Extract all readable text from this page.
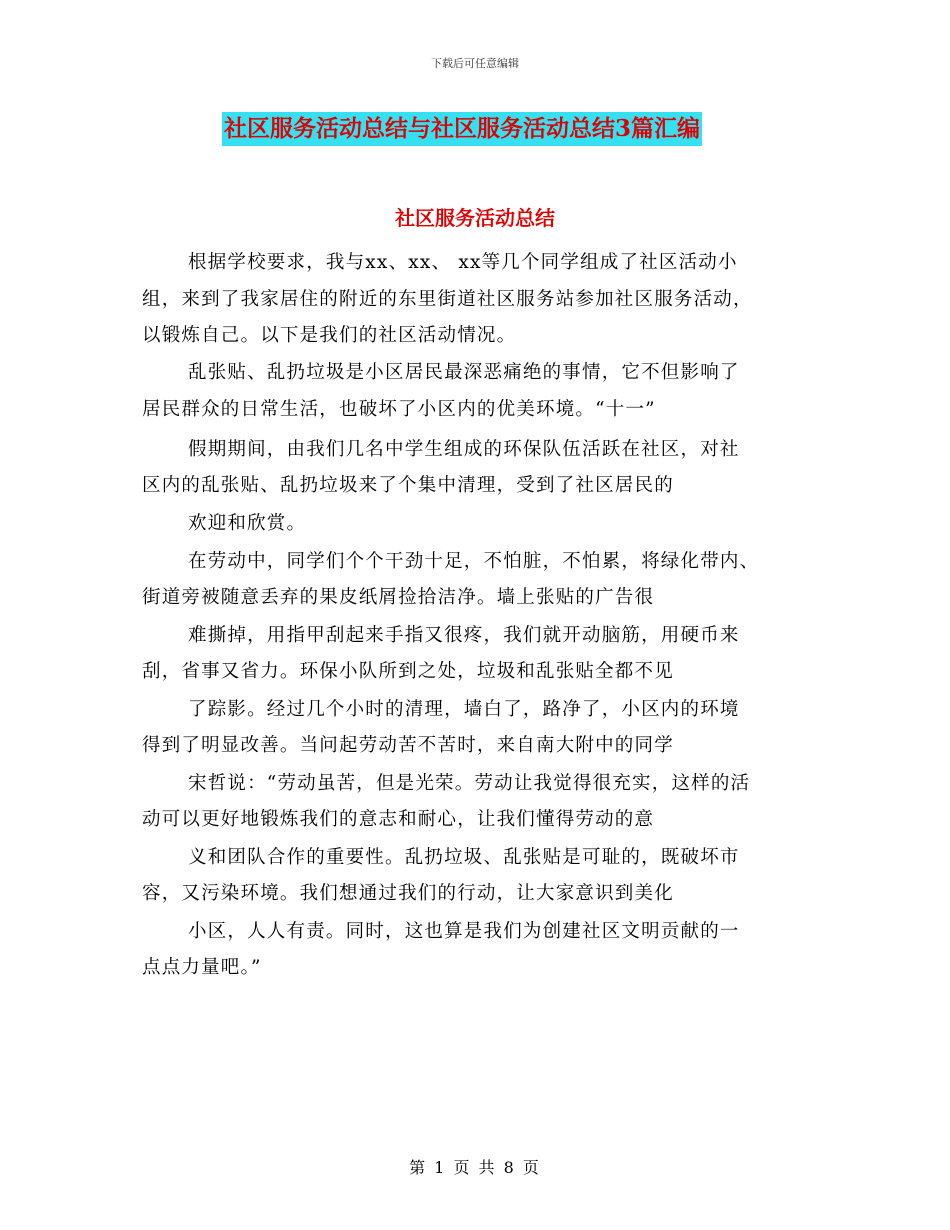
下载后可任意编辑
社区服务活动总结与社区服务活动总结3篇汇编
社区服务活动总结
根据学校要求，我与xx、xx、 xx等几个同学组成了社区活动小
组，来到了我家居住的附近的东里街道社区服务站参加社区服务活动，
以锻炼自己。以下是我们的社区活动情况。
乱张贴、乱扔垃圾是小区居民最深恶痛绝的事情，它不但影响了
居民群众的日常生活，也破坏了小区内的优美环境。“十一”
假期期间，由我们几名中学生组成的环保队伍活跃在社区，对社
区内的乱张贴、乱扔垃圾来了个集中清理，受到了社区居民的
欢迎和欣赏。
在劳动中，同学们个个干劲十足，不怕脏，不怕累，将绿化带内、
街道旁被随意丢弃的果皮纸屑捡拾洁净。墙上张贴的广告很
难撕掉，用指甲刮起来手指又很疼，我们就开动脑筋，用硬币来
刮，省事又省力。环保小队所到之处，垃圾和乱张贴全都不见
了踪影。经过几个小时的清理，墙白了，路净了，小区内的环境
得到了明显改善。当问起劳动苦不苦时，来自南大附中的同学
宋哲说：“劳动虽苦，但是光荣。劳动让我觉得很充实，这样的活
动可以更好地锻炼我们的意志和耐心，让我们懂得劳动的意
义和团队合作的重要性。乱扔垃圾、乱张贴是可耻的，既破坏市
容，又污染环境。我们想通过我们的行动，让大家意识到美化
小区，人人有责。同时，这也算是我们为创建社区文明贡献的一
点点力量吧。”
第 1 页 共 8 页
